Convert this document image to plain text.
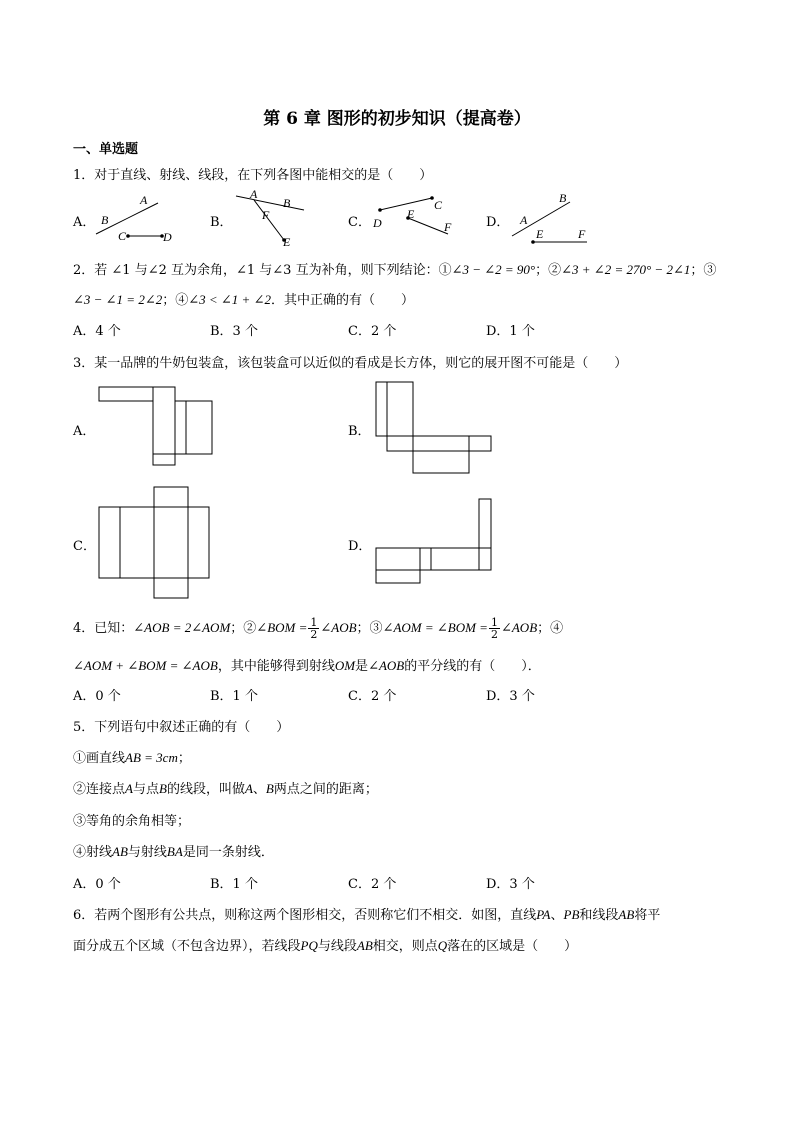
第 6 章 图形的初步知识（提高卷）
一、单选题
1．对于直线、射线、线段，在下列各图中能相交的是（　　）
A．	B．	C．	D．
A
B
C	D
A
B
F
E
C
D
E
F
B
A
E	F
2．若 ∠1 与∠2 互为余角，∠1 与∠3 互为补角，则下列结论：①∠3 − ∠2 = 90°；②∠3 + ∠2 = 270° − 2∠1；③
∠3 − ∠1 = 2∠2；④∠3 < ∠1 + ∠2．其中正确的有（　　）
A．4 个	B．3 个	C．2 个	D．1 个
3．某一品牌的牛奶包装盒，该包装盒可以近似的看成是长方体，则它的展开图不可能是（　　）
A．	B．
C．	D．
4．已知：∠AOB = 2∠AOM；②∠BOM = $\frac{1}{2}$ ∠AOB；③∠AOM = ∠BOM = $\frac{1}{2}$ ∠AOB；④
∠AOM + ∠BOM = ∠AOB，其中能够得到射线OM是∠AOB的平分线的有（　　）．
A．0 个	B．1 个	C．2 个	D．3 个
5．下列语句中叙述正确的有（　　）
①画直线AB = 3cm；
②连接点A与点B的线段，叫做A、B两点之间的距离；
③等角的余角相等；
④射线AB与射线BA是同一条射线．
A．0 个	B．1 个	C．2 个	D．3 个
6．若两个图形有公共点，则称这两个图形相交，否则称它们不相交．如图，直线PA、PB和线段AB将平
面分成五个区域（不包含边界），若线段PQ与线段AB相交，则点Q落在的区域是（　　）
